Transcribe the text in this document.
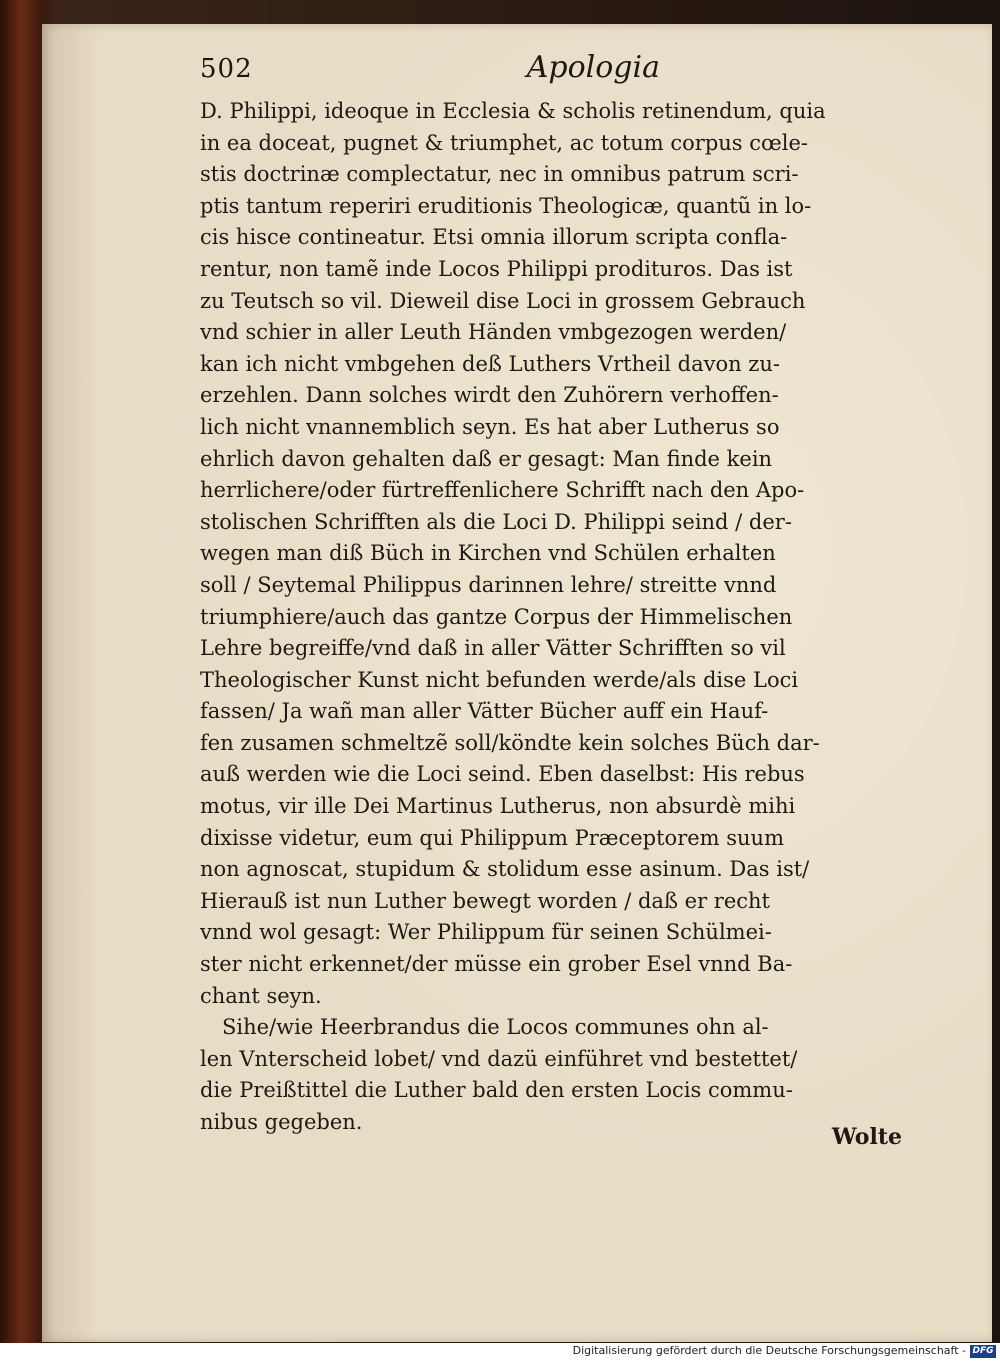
502	Apologia
D. Philippi, ideoque in Ecclesia & scholis retinendum, quia
in ea doceat, pugnet & triumphet, ac totum corpus cœle-
stis doctrinæ complectatur, nec in omnibus patrum scri-
ptis tantum reperiri eruditionis Theologicæ, quantũ in lo-
cis hisce contineatur. Etsi omnia illorum scripta confla-
rentur, non tamẽ inde Locos Philippi prodituros. Das ist
zu Teutsch so vil. Dieweil dise Loci in grossem Gebrauch
vnd schier in aller Leuth Händen vmbgezogen werden/
kan ich nicht vmbgehen deß Luthers Vrtheil davon zu-
erzehlen. Dann solches wirdt den Zuhörern verhoffen-
lich nicht vnannemblich seyn. Es hat aber Lutherus so
ehrlich davon gehalten daß er gesagt: Man finde kein
herrlichere/oder fürtreffenlichere Schrifft nach den Apo-
stolischen Schrifften als die Loci D. Philippi seind / der-
wegen man diß Büch in Kirchen vnd Schülen erhalten
soll / Seytemal Philippus darinnen lehre/ streitte vnnd
triumphiere/auch das gantze Corpus der Himmelischen
Lehre begreiffe/vnd daß in aller Vätter Schrifften so vil
Theologischer Kunst nicht befunden werde/als dise Loci
fassen/ Ja wañ man aller Vätter Bücher auff ein Hauf-
fen zusamen schmeltzẽ soll/köndte kein solches Büch dar-
auß werden wie die Loci seind. Eben daselbst: His rebus
motus, vir ille Dei Martinus Lutherus, non absurdè mihi
dixisse videtur, eum qui Philippum Præceptorem suum
non agnoscat, stupidum & stolidum esse asinum. Das ist/
Hierauß ist nun Luther bewegt worden / daß er recht
vnnd wol gesagt: Wer Philippum für seinen Schülmei-
ster nicht erkennet/der müsse ein grober Esel vnnd Ba-
chant seyn.
Sihe/wie Heerbrandus die Locos communes ohn al-
len Vnterscheid lobet/ vnd dazü einführet vnd bestettet/
die Preißtittel die Luther bald den ersten Locis commu-
nibus gegeben.
Wolte
Digitalisierung gefördert durch die Deutsche Forschungsgemeinschaft - DFG
